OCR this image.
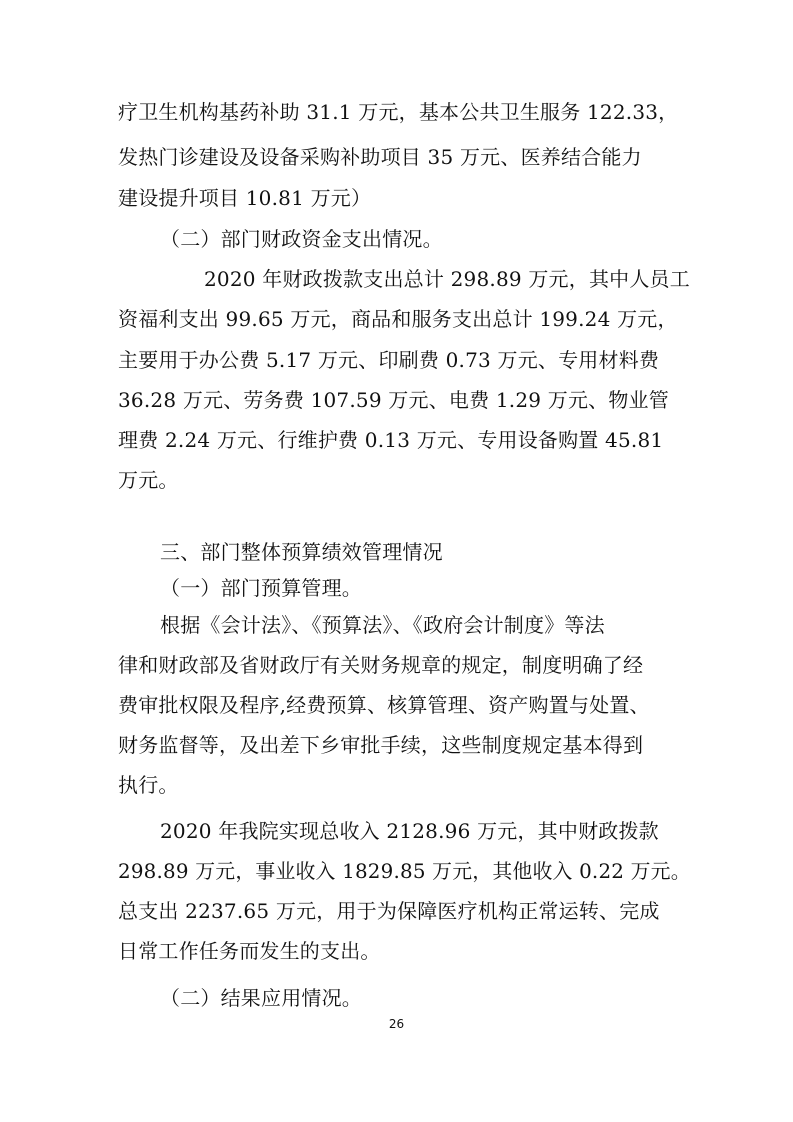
疗卫生机构基药补助 31.1 万元，基本公共卫生服务 122.33，
发热门诊建设及设备采购补助项目 35 万元、医养结合能力
建设提升项目 10.81 万元）
（二）部门财政资金支出情况。
2020 年财政拨款支出总计 298.89 万元，其中人员工
资福利支出 99.65 万元，商品和服务支出总计 199.24 万元，
主要用于办公费 5.17 万元、印刷费 0.73 万元、专用材料费
36.28 万元、劳务费 107.59 万元、电费 1.29 万元、物业管
理费 2.24 万元、行维护费 0.13 万元、专用设备购置 45.81
万元。
三、部门整体预算绩效管理情况
（一）部门预算管理。
根据《会计法》、《预算法》、《政府会计制度》等法
律和财政部及省财政厅有关财务规章的规定，制度明确了经
费审批权限及程序,经费预算、核算管理、资产购置与处置、
财务监督等，及出差下乡审批手续，这些制度规定基本得到
执行。
2020 年我院实现总收入 2128.96 万元，其中财政拨款
298.89 万元，事业收入 1829.85 万元，其他收入 0.22 万元。
总支出 2237.65 万元，用于为保障医疗机构正常运转、完成
日常工作任务而发生的支出。
（二）结果应用情况。
26
